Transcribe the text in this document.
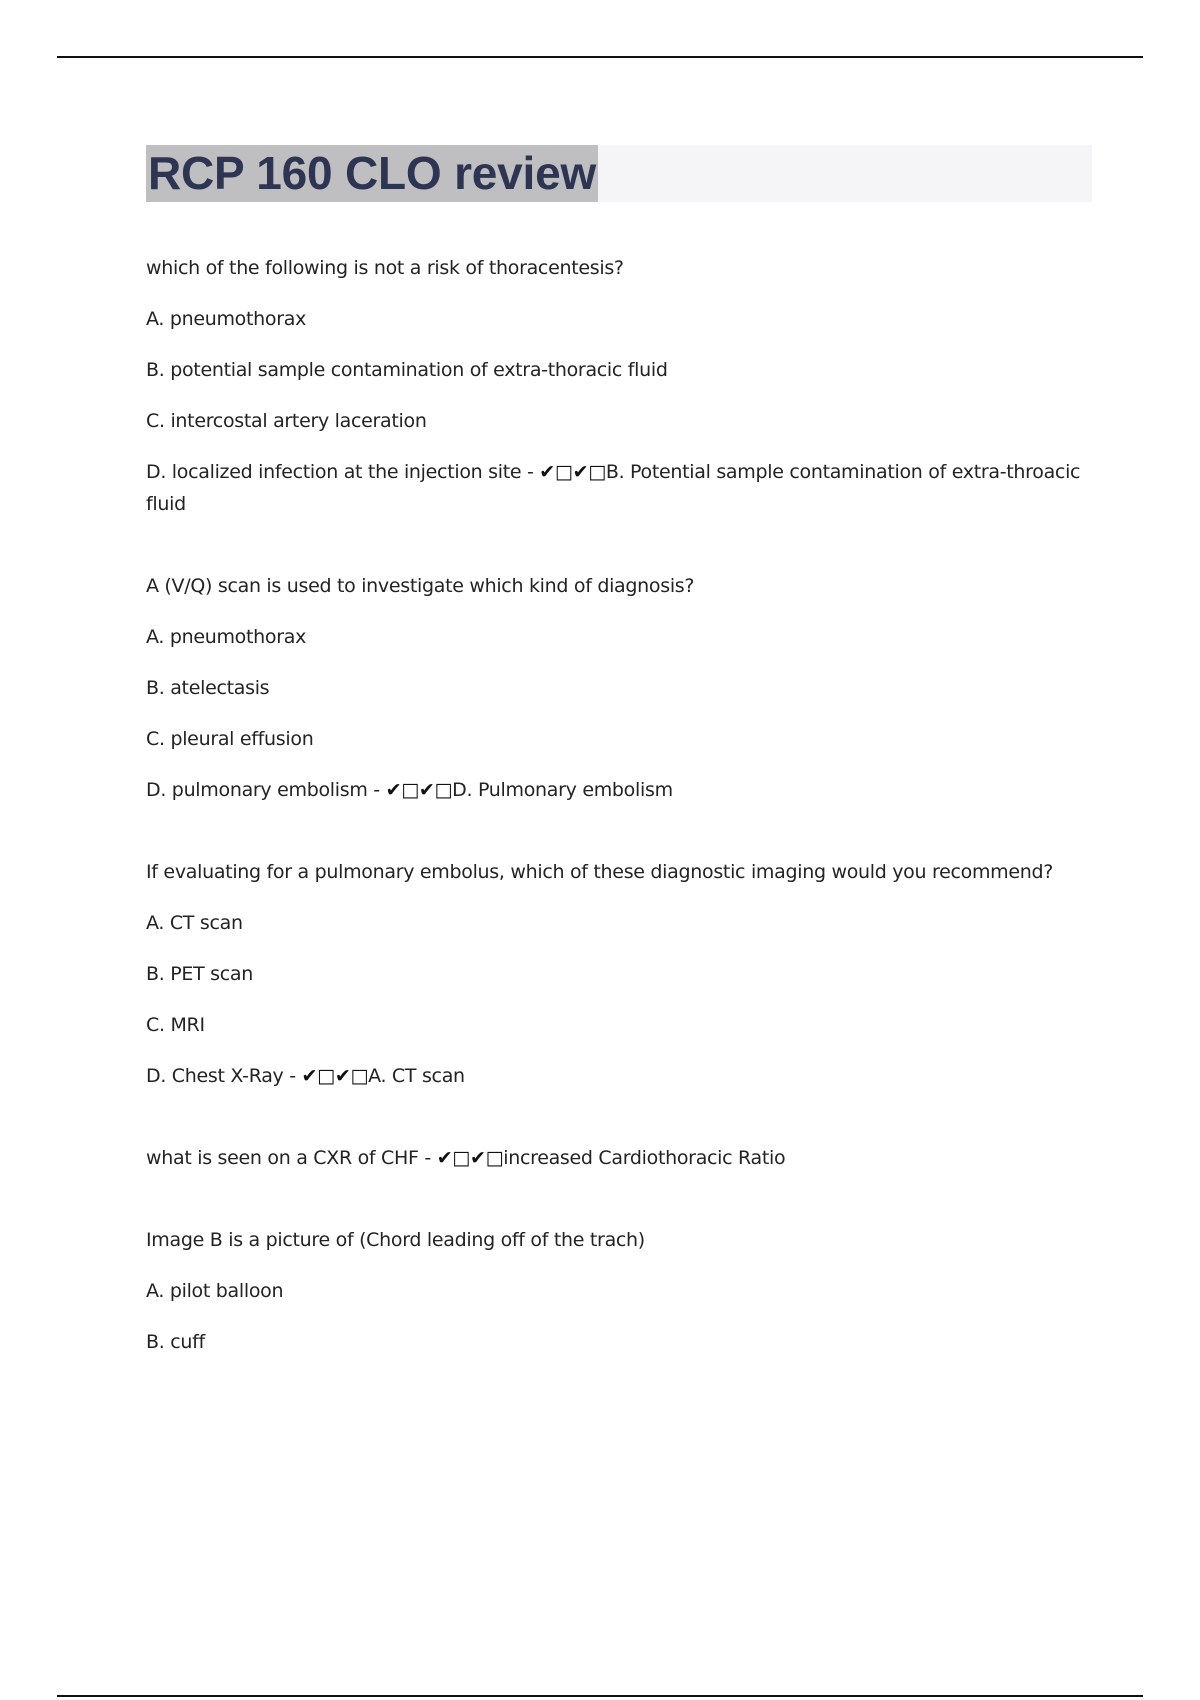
RCP 160 CLO review

which of the following is not a risk of thoracentesis?

A. pneumothorax

B. potential sample contamination of extra-thoracic fluid

C. intercostal artery laceration

D. localized infection at the injection site - ✔□✔□B. Potential sample contamination of extra-throacic fluid

A (V/Q) scan is used to investigate which kind of diagnosis?

A. pneumothorax

B. atelectasis

C. pleural effusion

D. pulmonary embolism - ✔□✔□D. Pulmonary embolism

If evaluating for a pulmonary embolus, which of these diagnostic imaging would you recommend?

A. CT scan

B. PET scan

C. MRI

D. Chest X-Ray - ✔□✔□A. CT scan

what is seen on a CXR of CHF - ✔□✔□increased Cardiothoracic Ratio

Image B is a picture of (Chord leading off of the trach)

A. pilot balloon

B. cuff
